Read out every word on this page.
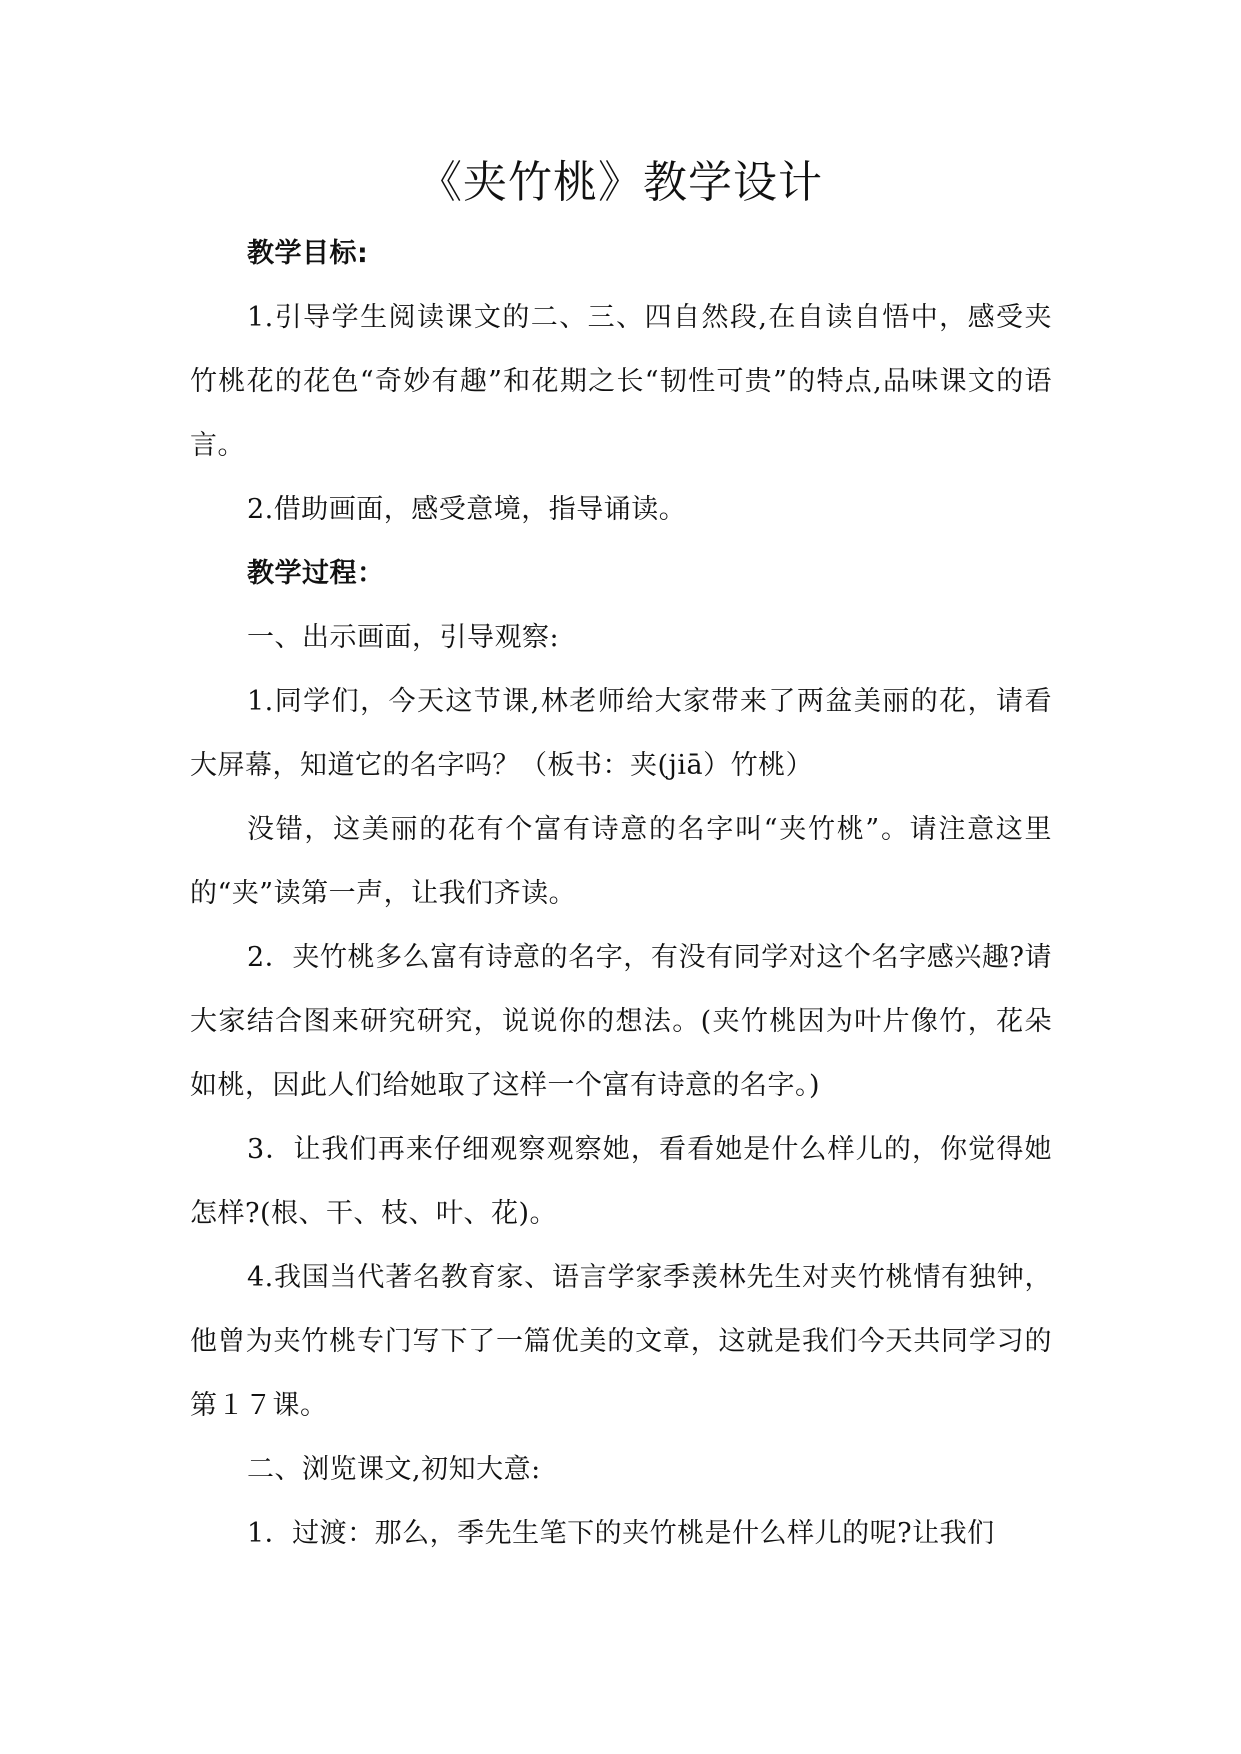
《夹竹桃》教学设计

教学目标:

1.引导学生阅读课文的二、三、四自然段,在自读自悟中，感受夹竹桃花的花色“奇妙有趣”和花期之长“韧性可贵”的特点,品味课文的语言。

2.借助画面，感受意境，指导诵读。

教学过程：

一、出示画面，引导观察:

1.同学们，今天这节课,林老师给大家带来了两盆美丽的花，请看大屏幕，知道它的名字吗？（板书：夹(jiā）竹桃）

没错，这美丽的花有个富有诗意的名字叫“夹竹桃”。请注意这里的“夹”读第一声，让我们齐读。

2．夹竹桃多么富有诗意的名字，有没有同学对这个名字感兴趣?请大家结合图来研究研究，说说你的想法。(夹竹桃因为叶片像竹，花朵如桃，因此人们给她取了这样一个富有诗意的名字。)

3．让我们再来仔细观察观察她，看看她是什么样儿的，你觉得她怎样?(根、干、枝、叶、花)。

4.我国当代著名教育家、语言学家季羡林先生对夹竹桃情有独钟，他曾为夹竹桃专门写下了一篇优美的文章，这就是我们今天共同学习的第１７课。

二、浏览课文,初知大意:

1．过渡：那么，季先生笔下的夹竹桃是什么样儿的呢?让我们
